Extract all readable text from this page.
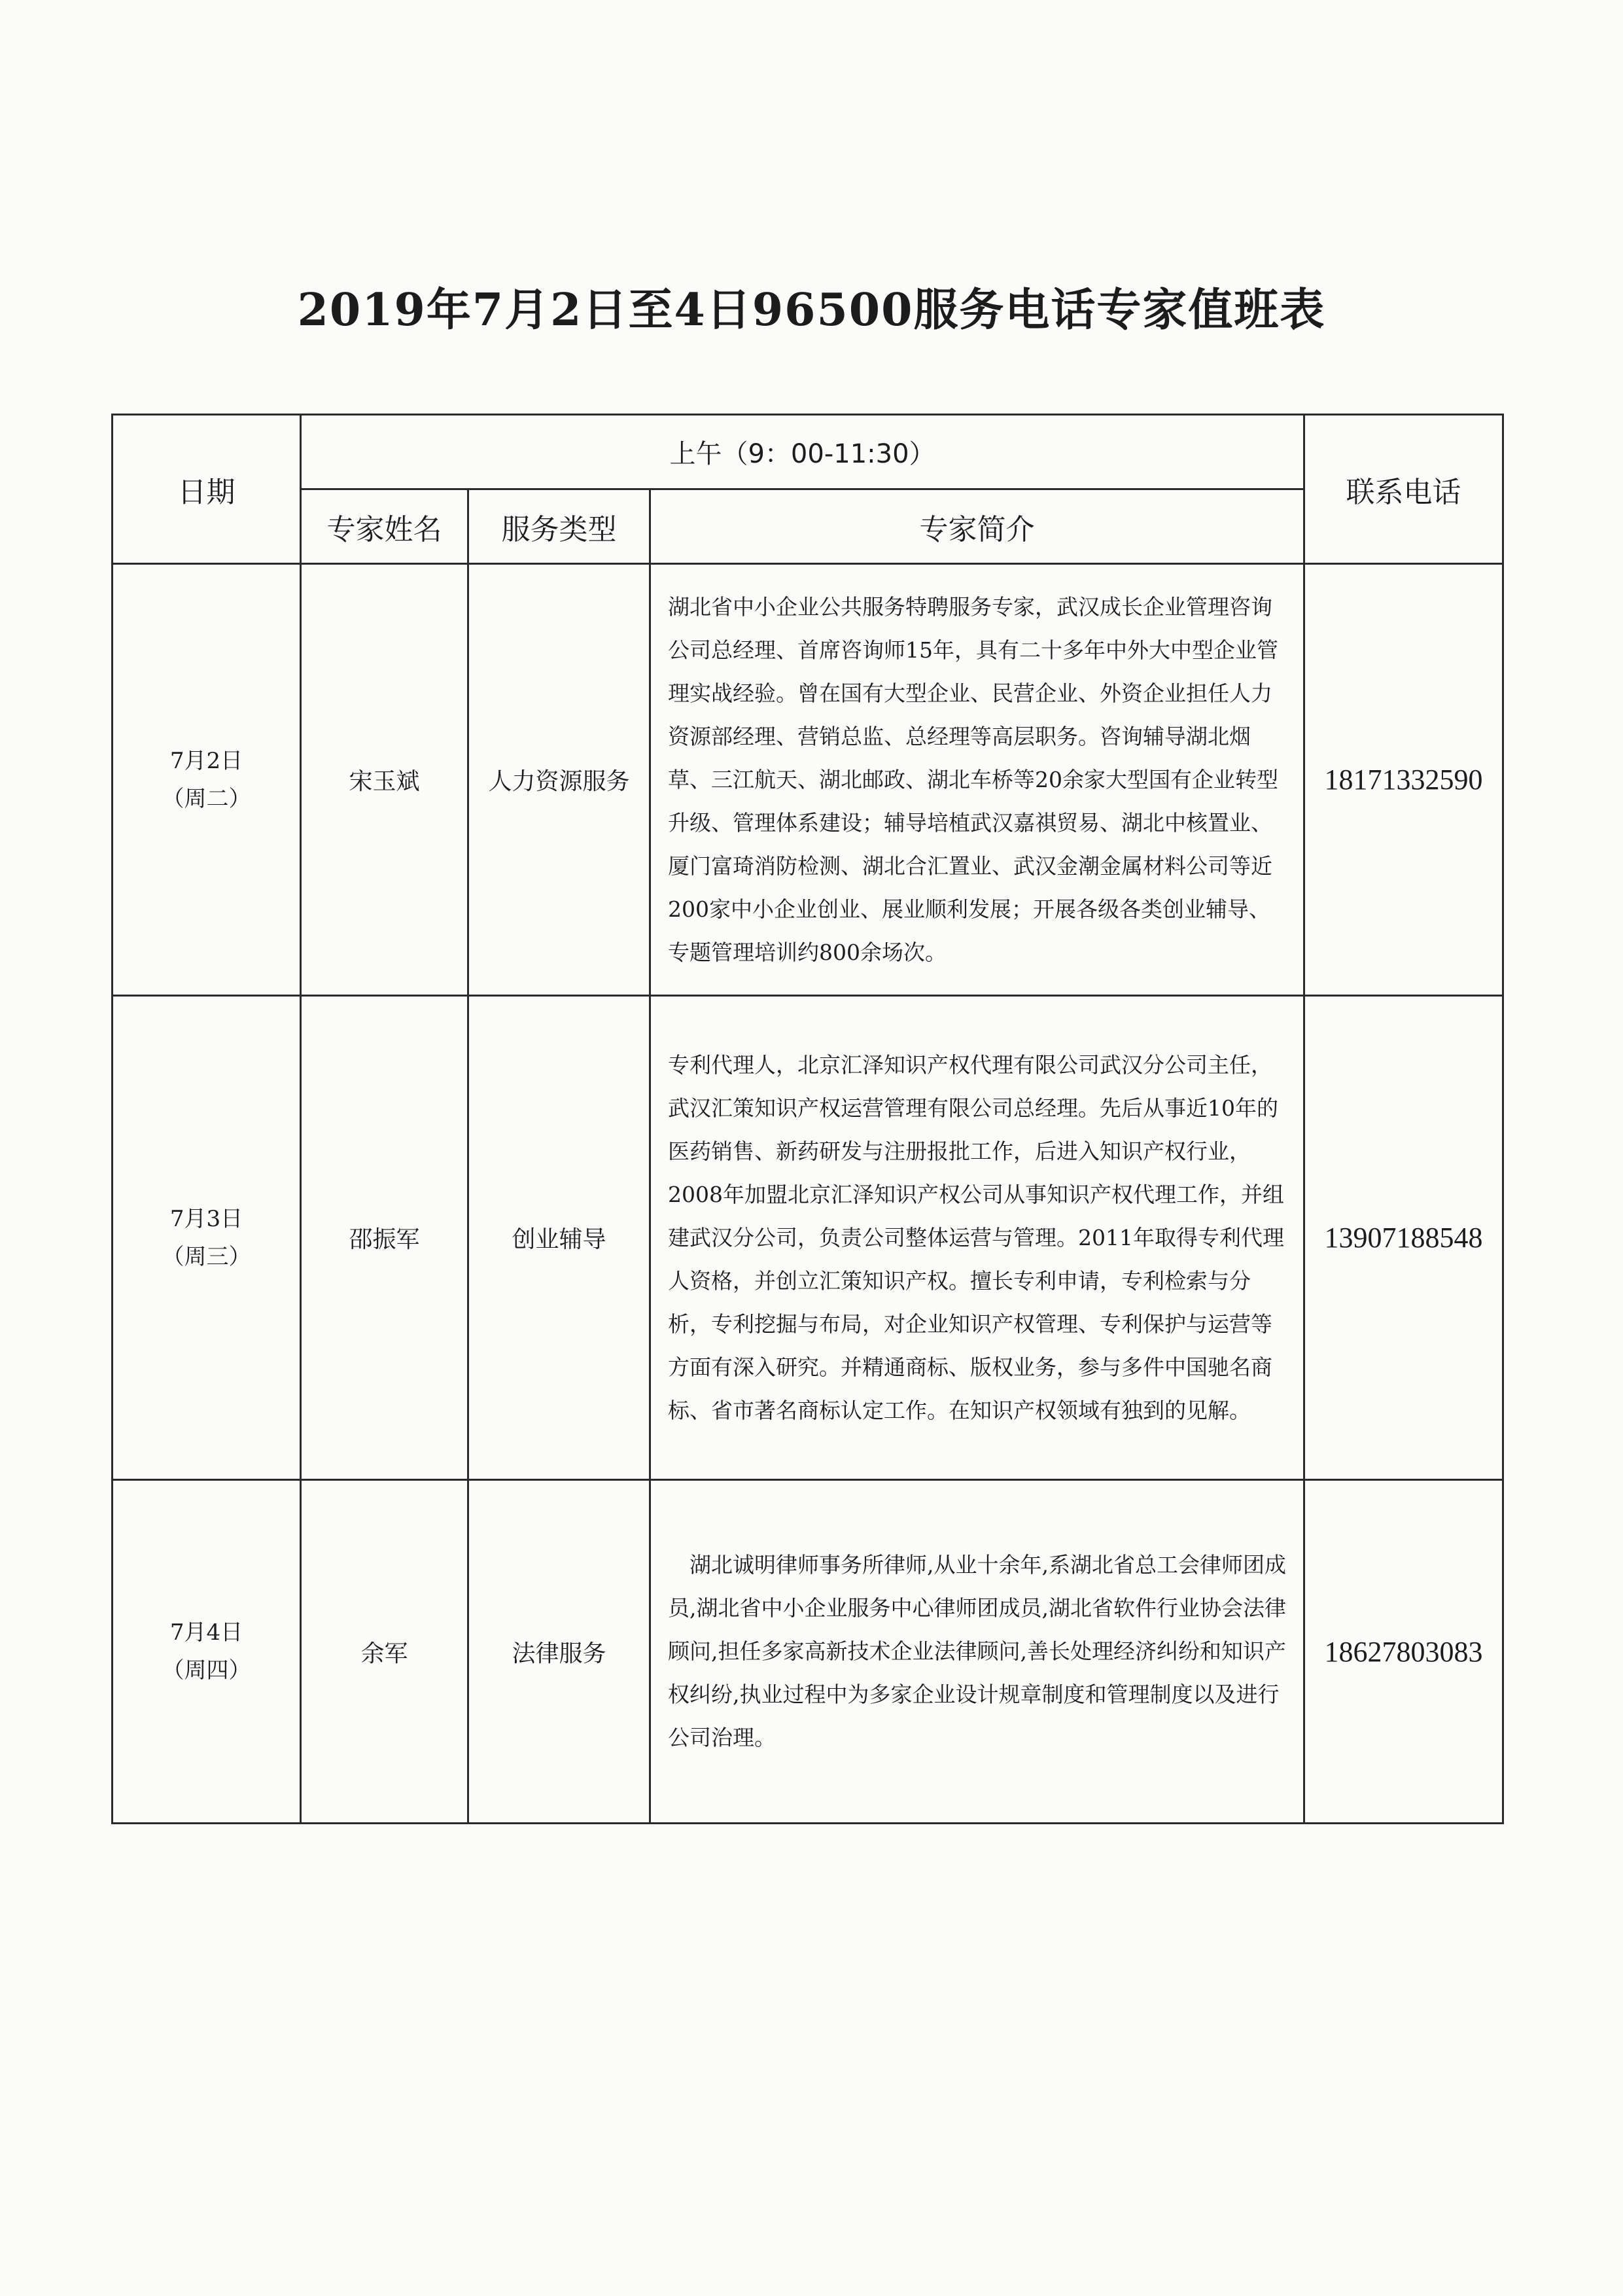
2019年7月2日至4日96500服务电话专家值班表
日期	上午（9：00-11:30）			联系电话
	专家姓名	服务类型	专家简介	

7月2日
（周二）	宋玉斌	人力资源服务	湖北省中小企业公共服务特聘服务专家，武汉成长企业管理咨询公司总经理、首席咨询师15年，具有二十多年中外大中型企业管理实战经验。曾在国有大型企业、民营企业、外资企业担任人力资源部经理、营销总监、总经理等高层职务。咨询辅导湖北烟草、三江航天、湖北邮政、湖北车桥等20余家大型国有企业转型升级、管理体系建设；辅导培植武汉嘉祺贸易、湖北中核置业、厦门富琦消防检测、湖北合汇置业、武汉金潮金属材料公司等近200家中小企业创业、展业顺利发展；开展各级各类创业辅导、专题管理培训约800余场次。	18171332590

7月3日
（周三）	邵振军	创业辅导	专利代理人，北京汇泽知识产权代理有限公司武汉分公司主任，武汉汇策知识产权运营管理有限公司总经理。先后从事近10年的医药销售、新药研发与注册报批工作，后进入知识产权行业，2008年加盟北京汇泽知识产权公司从事知识产权代理工作，并组建武汉分公司，负责公司整体运营与管理。2011年取得专利代理人资格，并创立汇策知识产权。擅长专利申请，专利检索与分析，专利挖掘与布局，对企业知识产权管理、专利保护与运营等方面有深入研究。并精通商标、版权业务，参与多件中国驰名商标、省市著名商标认定工作。在知识产权领域有独到的见解。	13907188548

7月4日
（周四）	余军	法律服务	湖北诚明律师事务所律师,从业十余年,系湖北省总工会律师团成员,湖北省中小企业服务中心律师团成员,湖北省软件行业协会法律顾问,担任多家高新技术企业法律顾问,善长处理经济纠纷和知识产权纠纷,执业过程中为多家企业设计规章制度和管理制度以及进行公司治理。	18627803083
